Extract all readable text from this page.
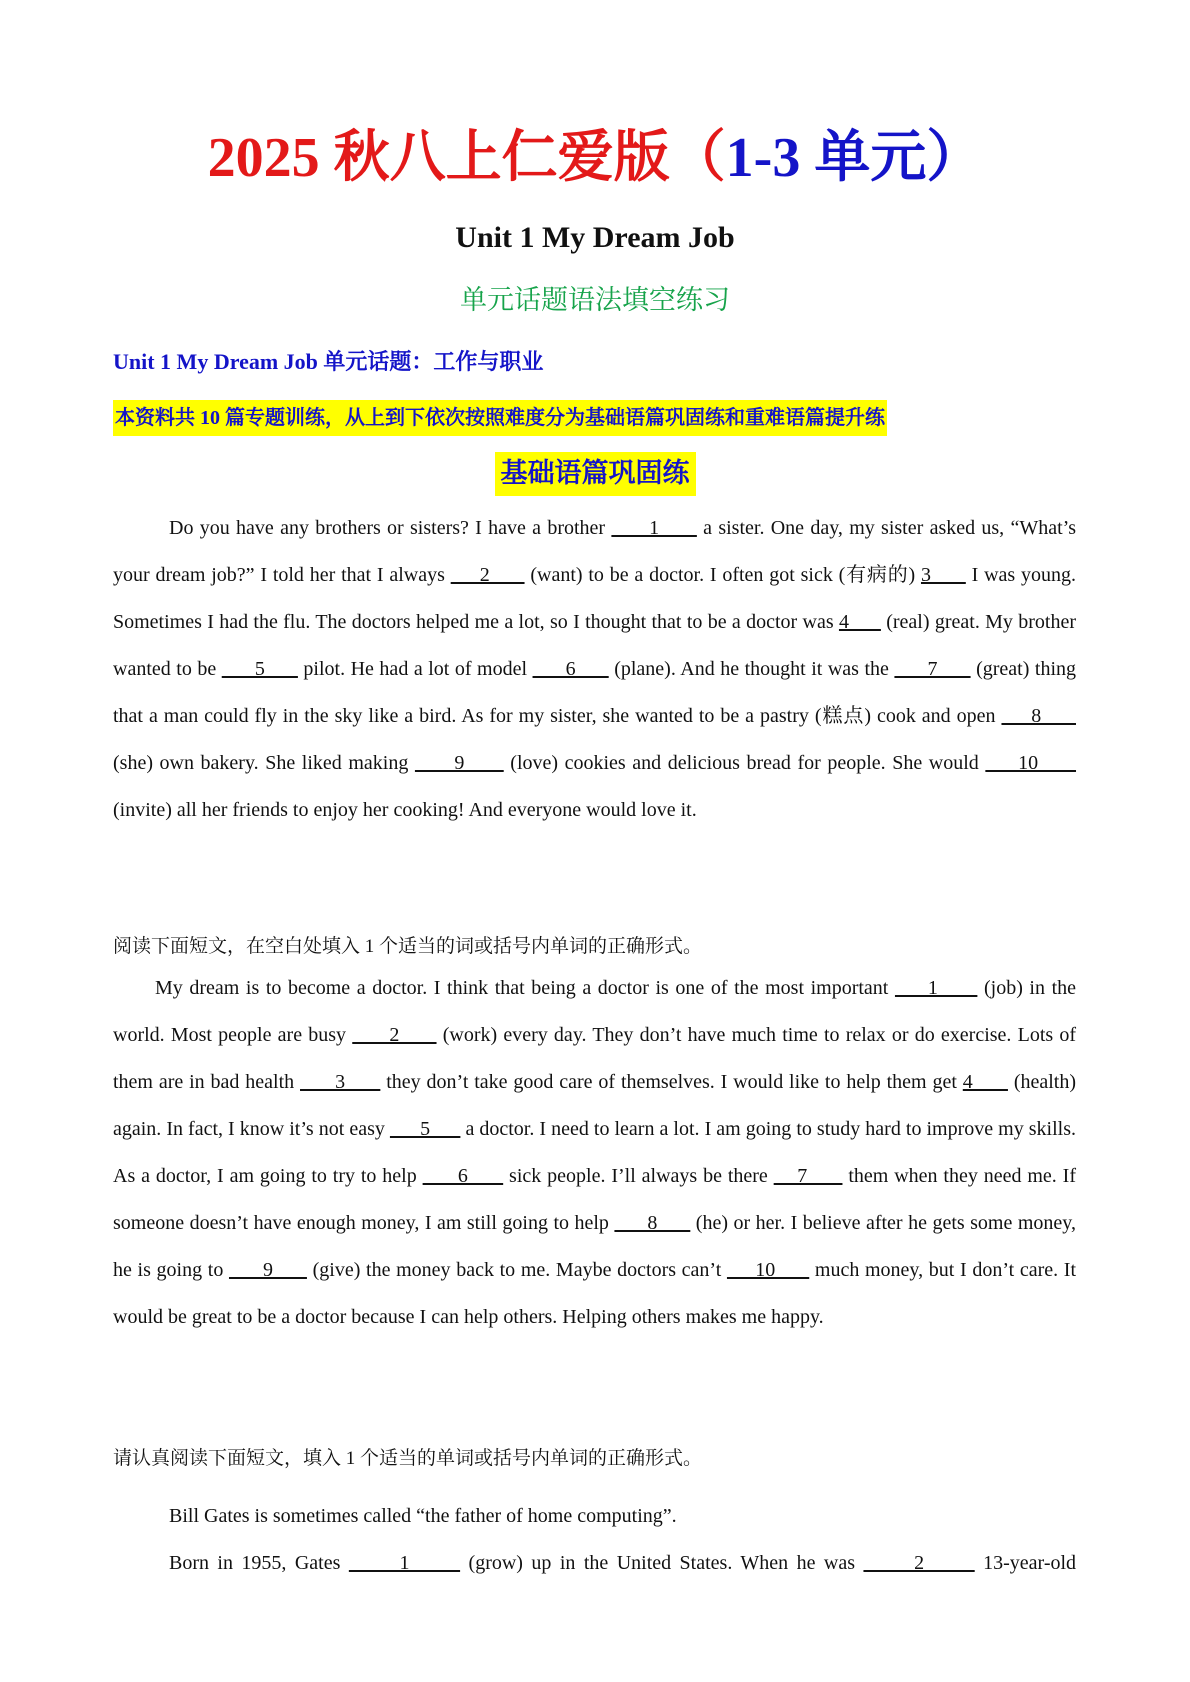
2025 秋八上仁爱版（1-3 单元）
Unit 1 My Dream Job
单元话题语法填空练习
Unit 1 My Dream Job 单元话题：工作与职业
本资料共 10 篇专题训练，从上到下依次按照难度分为基础语篇巩固练和重难语篇提升练
基础语篇巩固练

Do you have any brothers or sisters? I have a brother       1       a sister. One day, my sister asked us, “What’s your dream job?” I told her that I always      2       (want) to be a doctor. I often got sick (有病的) 3       I was young. Sometimes I had the flu. The doctors helped me a lot, so I thought that to be a doctor was 4       (real) great. My brother wanted to be       5       pilot. He had a lot of model       6       (plane). And he thought it was the       7       (great) thing that a man could fly in the sky like a bird. As for my sister, she wanted to be a pastry (糕点) cook and open      8       (she) own bakery. She liked making       9       (love) cookies and delicious bread for people. She would      10       (invite) all her friends to enjoy her cooking! And everyone would love it.

阅读下面短文，在空白处填入 1 个适当的词或括号内单词的正确形式。

My dream is to become a doctor. I think that being a doctor is one of the most important      1       (job) in the world. Most people are busy       2       (work) every day. They don’t have much time to relax or do exercise. Lots of them are in bad health       3       they don’t take good care of themselves. I would like to help them get 4       (health) again. In fact, I know it’s not easy       5       a doctor. I need to learn a lot. I am going to study hard to improve my skills. As a doctor, I am going to try to help       6       sick people. I’ll always be there     7       them when they need me. If someone doesn’t have enough money, I am still going to help       8       (he) or her. I believe after he gets some money, he is going to       9       (give) the money back to me. Maybe doctors can’t      10       much money, but I don’t care. It would be great to be a doctor because I can help others. Helping others makes me happy.

请认真阅读下面短文，填入 1 个适当的单词或括号内单词的正确形式。
Bill Gates is sometimes called “the father of home computing”.

Born in 1955, Gates       1       (grow) up in the United States. When he was       2       13-year-old
